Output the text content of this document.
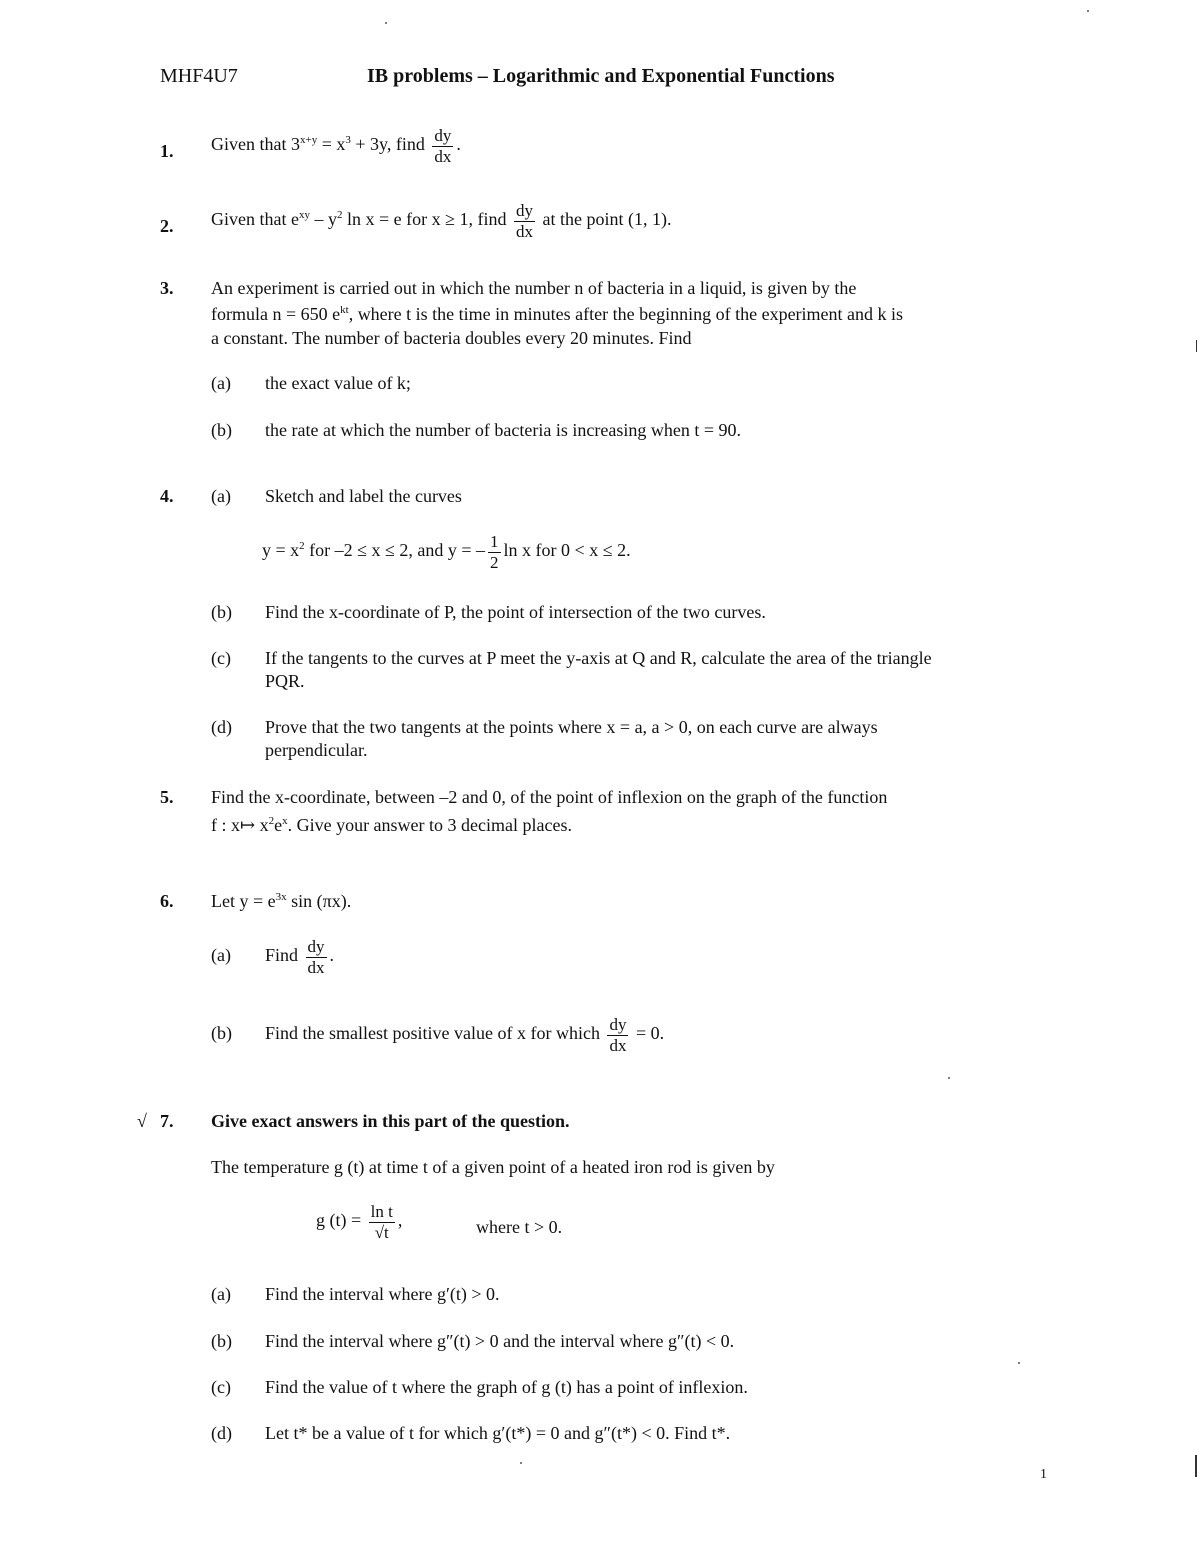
MHF4U7	IB problems – Logarithmic and Exponential Functions
1. Given that $3^{x+y} = x^3 + 3y$, find $\frac{dy}{dx}$ .
2. Given that $e^{xy} - y^2$ ln x = e for x ≥ 1, find $\frac{dy}{dx}$ at the point (1, 1).
3. An experiment is carried out in which the number n of bacteria in a liquid, is given by the
formula n = 650 $e^{kt}$, where t is the time in minutes after the beginning of the experiment and k is
a constant. The number of bacteria doubles every 20 minutes. Find
(a) the exact value of k;
(b) the rate at which the number of bacteria is increasing when t = 90.
4. (a) Sketch and label the curves
$y = x^2$ for –2 ≤ x ≤ 2, and y = – $\frac{1}{2}$ ln x for 0 < x ≤ 2.
(b) Find the x-coordinate of P, the point of intersection of the two curves.
(c)	If the tangents to the curves at P meet the y-axis at Q and R, calculate the area of the triangle PQR.
(d)	Prove that the two tangents at the points where x = a, a > 0, on each curve are always perpendicular.
5. Find the x-coordinate, between –2 and 0, of the point of inflexion on the graph of the function
f : x↦ $x^2e^x$. Give your answer to 3 decimal places.
6. Let $y = e^{3x}$ sin (πx).
(a) Find $\frac{dy}{dx}$ .
(b) Find the smallest positive value of x for which $\frac{dy}{dx} = 0$.
√ 7. Give exact answers in this part of the question.
The temperature g (t) at time t of a given point of a heated iron rod is given by
g $(t) = \frac{\text{ln t}}{√t}$ ,	where t > 0.
(a) Find the interval where g′(t) > 0.
(b) Find the interval where g″(t) > 0 and the interval where g″(t) < 0.
(c) Find the value of t where the graph of g (t) has a point of inflexion.
(d) Let t* be a value of t for which g′(t*) = 0 and g″(t*) < 0. Find t*.
1
